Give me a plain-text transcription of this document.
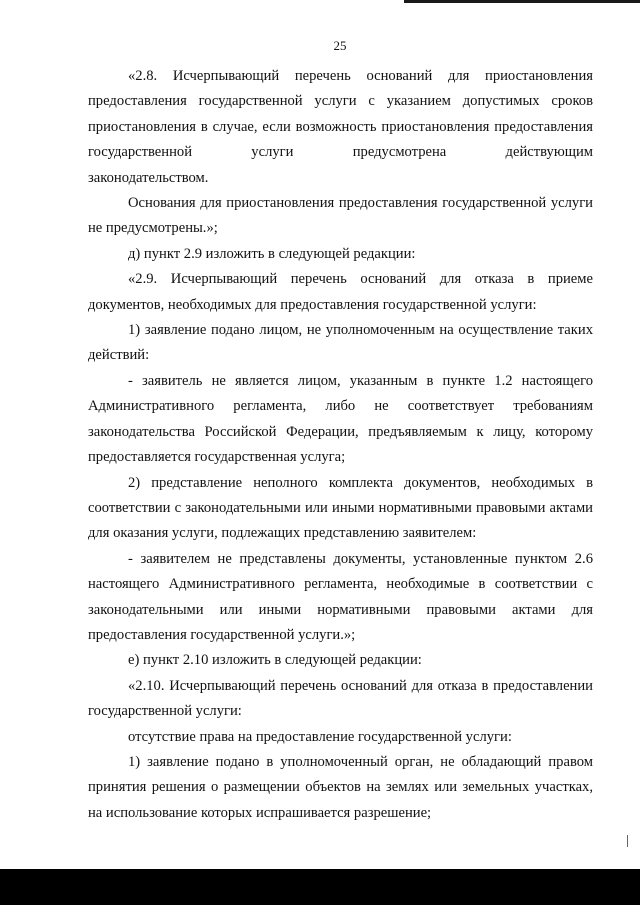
25

«2.8. Исчерпывающий перечень оснований для приостановления предоставления государственной услуги с указанием допустимых сроков приостановления в случае, если возможность приостановления предоставления государственной услуги предусмотрена действующим

законодательством.

Основания для приостановления предоставления государственной услуги не предусмотрены.»;

д) пункт 2.9 изложить в следующей редакции:

«2.9. Исчерпывающий перечень оснований для отказа в приеме документов, необходимых для предоставления государственной услуги:

1) заявление подано лицом, не уполномоченным на осуществление таких действий:

- заявитель не является лицом, указанным в пункте 1.2 настоящего Административного регламента, либо не соответствует требованиям законодательства Российской Федерации, предъявляемым к лицу, которому предоставляется государственная услуга;

2) представление неполного комплекта документов, необходимых в соответствии с законодательными или иными нормативными правовыми актами для оказания услуги, подлежащих представлению заявителем:

- заявителем не представлены документы, установленные пунктом 2.6 настоящего Административного регламента, необходимые в соответствии с законодательными или иными нормативными правовыми актами для предоставления государственной услуги.»;

е) пункт 2.10 изложить в следующей редакции:

«2.10. Исчерпывающий перечень оснований для отказа в предоставлении государственной услуги:

отсутствие права на предоставление государственной услуги:

1) заявление подано в уполномоченный орган, не обладающий правом принятия решения о размещении объектов на землях или земельных участках, на использование которых испрашивается разрешение;
